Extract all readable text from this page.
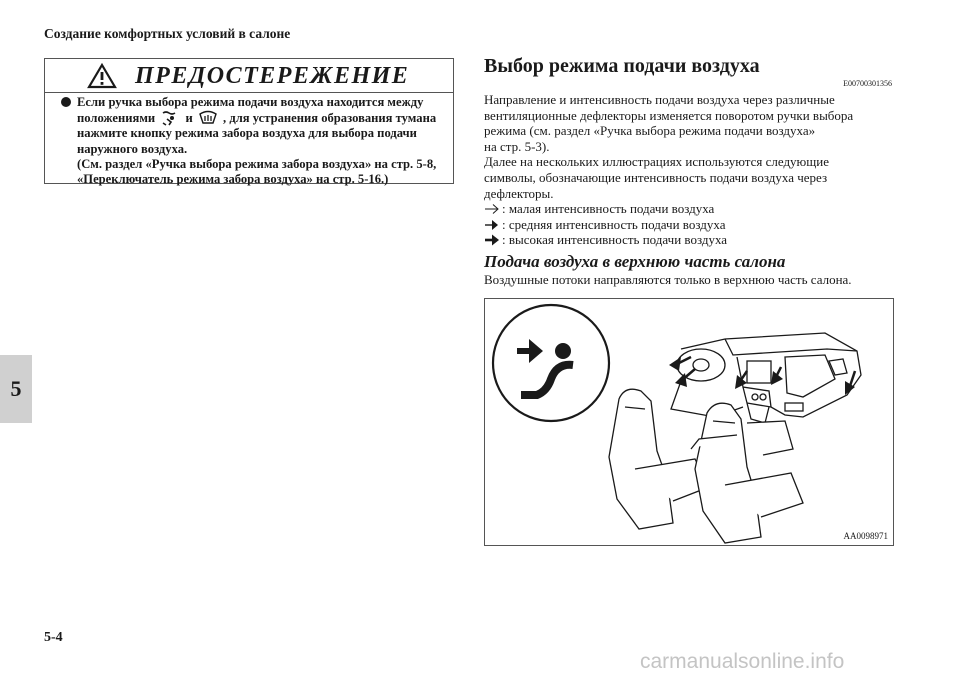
Создание комфортных условий в салоне
5
5-4
ПРЕДОСТЕРЕЖЕНИЕ
Если ручка выбора режима подачи воздуха находится между
положениями и , для устранения образования тумана
нажмите кнопку режима забора воздуха для выбора подачи
наружного воздуха.
(См. раздел «Ручка выбора режима забора воздуха» на стр. 5-8,
«Переключатель режима забора воздуха» на стр. 5-16.)
Выбор режима подачи воздуха
E00700301356
Направление и интенсивность подачи воздуха через различные
вентиляционные дефлекторы изменяется поворотом ручки выбора
режима (см. раздел «Ручка выбора режима подачи воздуха»
на стр. 5-3).
Далее на нескольких иллюстрациях используются следующие
символы, обозначающие интенсивность подачи воздуха через
дефлекторы.
: малая интенсивность подачи воздуха
: средняя интенсивность подачи воздуха
: высокая интенсивность подачи воздуха
Подача воздуха в верхнюю часть салона
Воздушные потоки направляются только в верхнюю часть салона.
AA0098971
carmanualsonline.info
